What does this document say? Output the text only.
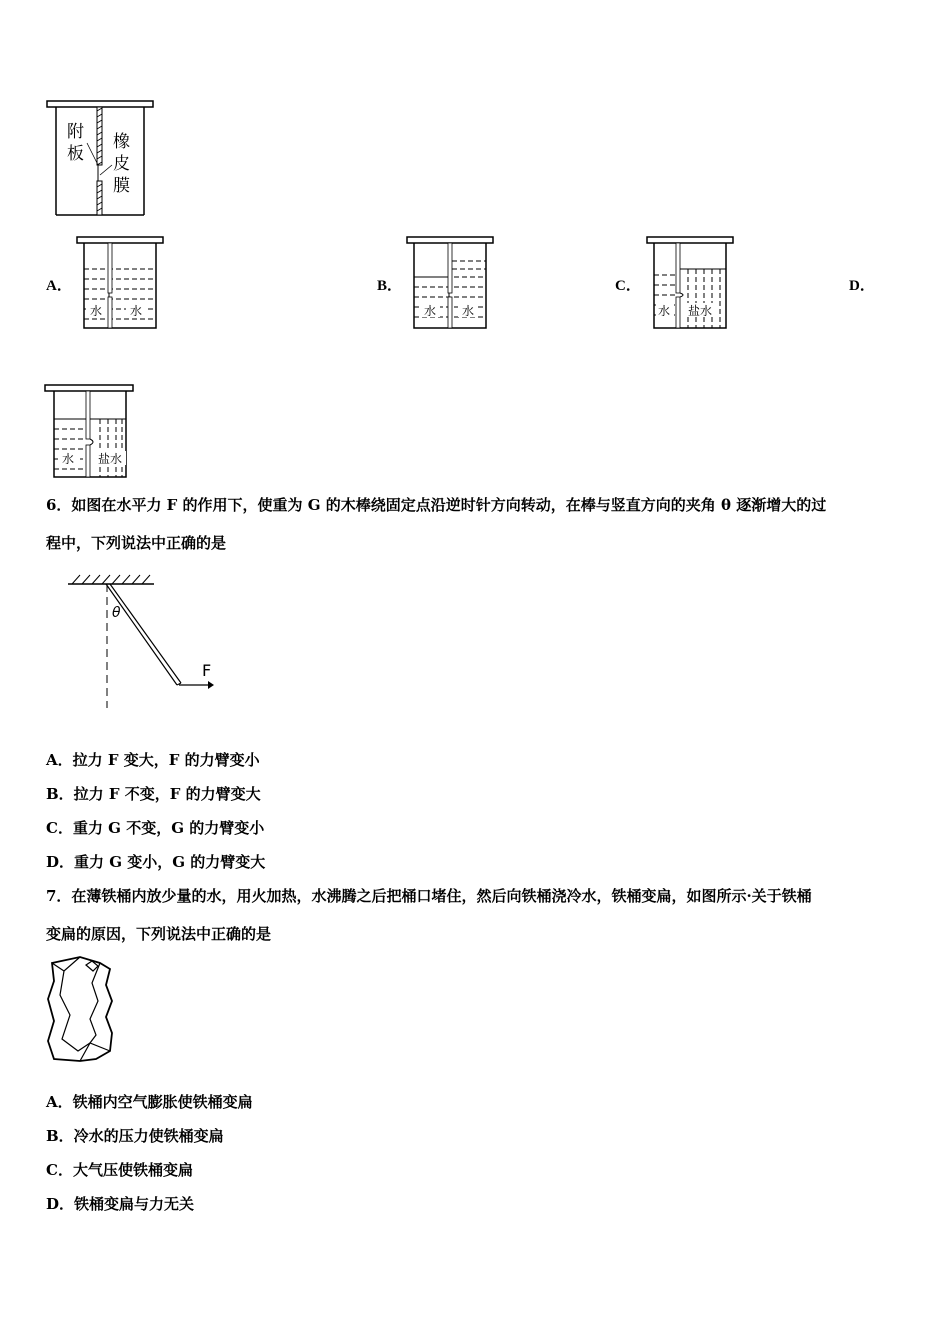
附
板
橡
皮
膜
A．
水 水
B．
水 水
C．
水 盐水
D．
水 盐水
6．如图在水平力 F 的作用下，使重为 G 的木棒绕固定点沿逆时针方向转动，在棒与竖直方向的夹角 θ 逐渐增大的过
程中，下列说法中正确的是
θ
F
A．拉力 F 变大，F 的力臂变小
B．拉力 F 不变，F 的力臂变大
C．重力 G 不变，G 的力臂变小
D．重力 G 变小，G 的力臂变大
7．在薄铁桶内放少量的水，用火加热，水沸腾之后把桶口堵住，然后向铁桶浇冷水，铁桶变扁，如图所示·关于铁桶
变扁的原因，下列说法中正确的是
A．铁桶内空气膨胀使铁桶变扁
B．冷水的压力使铁桶变扁
C．大气压使铁桶变扁
D．铁桶变扁与力无关
